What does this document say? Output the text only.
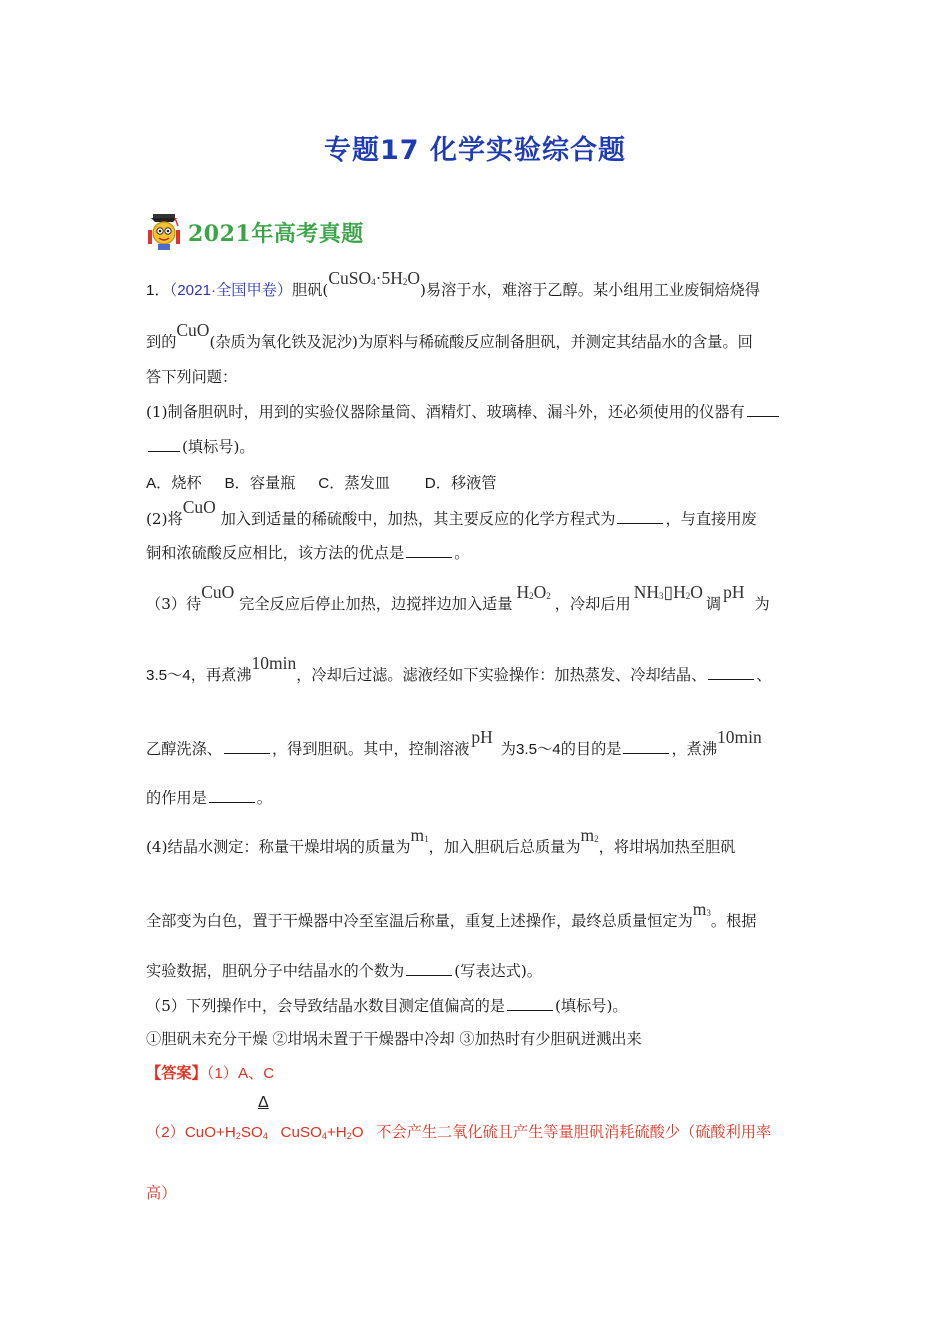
专题17 化学实验综合题
2021年高考真题
1．（2021·全国甲卷）胆矾$(CuSO_4\cdot 5H_2O)$易溶于水，难溶于乙醇。某小组用工业废铜焙烧得
到的CuO(杂质为氧化铁及泥沙)为原料与稀硫酸反应制备胆矾，并测定其结晶水的含量。回
答下列问题：
(1)制备胆矾时，用到的实验仪器除量筒、酒精灯、玻璃棒、漏斗外，还必须使用的仪器有
(填标号)。
A．烧杯 B．容量瓶 C．蒸发皿 D．移液管
(2)将CuO 加入到适量的稀硫酸中，加热，其主要反应的化学方程式为	，与直接用废
铜和浓硫酸反应相比，该方法的优点是	。
（3）待CuO 完全反应后停止加热，边搅拌边加入适量$H_2O_2$ ，冷却后用$NH_3▯H_2O$调pH为
3.5～4，再煮沸10min，冷却后过滤。滤液经如下实验操作：加热蒸发、冷却结晶、	、
乙醇洗涤、	，得到胆矾。其中，控制溶液pH为3.5～4的目的是	，煮沸10min
的作用是	。
(4)结晶水测定：称量干燥坩埚的质量为$m_1$，加入胆矾后总质量为$m_2$，将坩埚加热至胆矾
全部变为白色，置于干燥器中冷至室温后称量，重复上述操作，最终总质量恒定为$m_3$。根据
实验数据，胆矾分子中结晶水的个数为	(写表达式)。
（5）下列操作中，会导致结晶水数目测定值偏高的是	(填标号)。
①胆矾未充分干燥 ②坩埚未置于干燥器中冷却 ③加热时有少胆矾迸溅出来
【答案】（1）A、C
Δ
$(2)CuO+H_2SO_4$   $CuSO_4+H_2O$   不会产生二氧化硫且产生等量胆矾消耗硫酸少（硫酸利用率
高）
